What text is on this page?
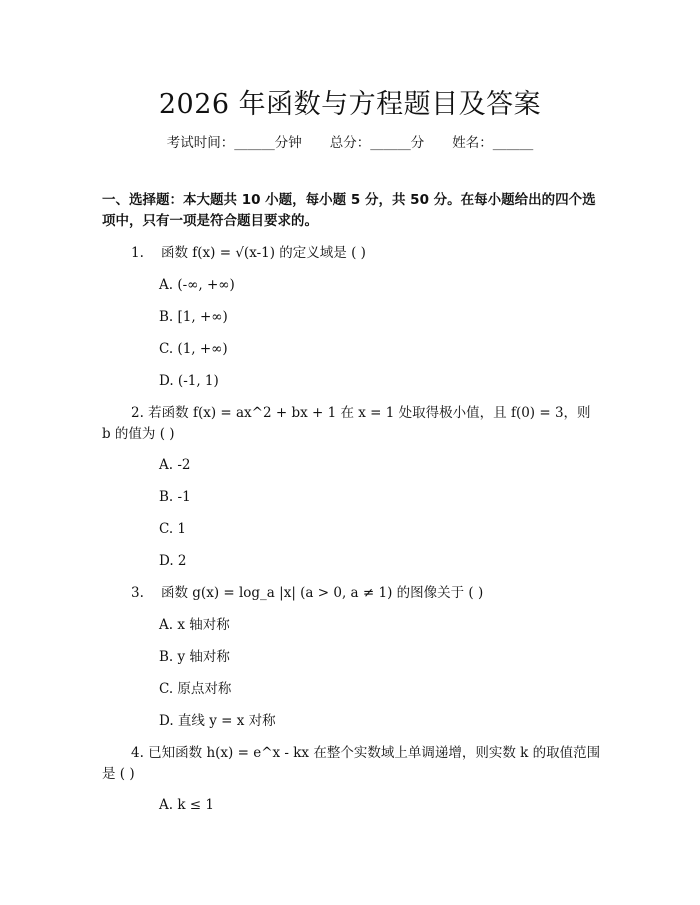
2026 年函数与方程题目及答案
考试时间：______分钟 总分：______分 姓名：______
一、选择题：本大题共 10 小题，每小题 5 分，共 50 分。在每小题给出的四个选项中，只有一项是符合题目要求的。
1. 函数 f(x) = √(x-1) 的定义域是 ( )
A. (-∞, +∞)
B. [1, +∞)
C. (1, +∞)
D. (-1, 1)
2. 若函数 f(x) = ax^2 + bx + 1 在 x = 1 处取得极小值，且 f(0) = 3，则 b 的值为 ( )
A. -2
B. -1
C. 1
D. 2
3. 函数 g(x) = log_a |x| (a > 0, a ≠ 1) 的图像关于 ( )
A. x 轴对称
B. y 轴对称
C. 原点对称
D. 直线 y = x 对称
4. 已知函数 h(x) = e^x - kx 在整个实数域上单调递增，则实数 k 的取值范围是 ( )
A. k ≤ 1
